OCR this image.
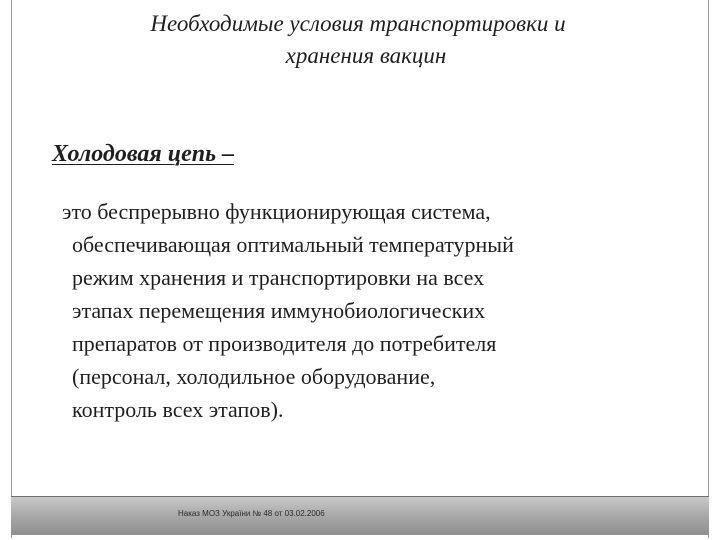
Необходимые условия транспортировки и
хранения вакцин
Холодовая цепь –
это беспрерывно функционирующая система,
обеспечивающая оптимальный температурный
режим хранения и транспортировки на всех
этапах перемещения иммунобиологических
препаратов от производителя до потребителя
(персонал, холодильное оборудование,
контроль всех этапов).
Наказ МОЗ України № 48 от 03.02.2006
